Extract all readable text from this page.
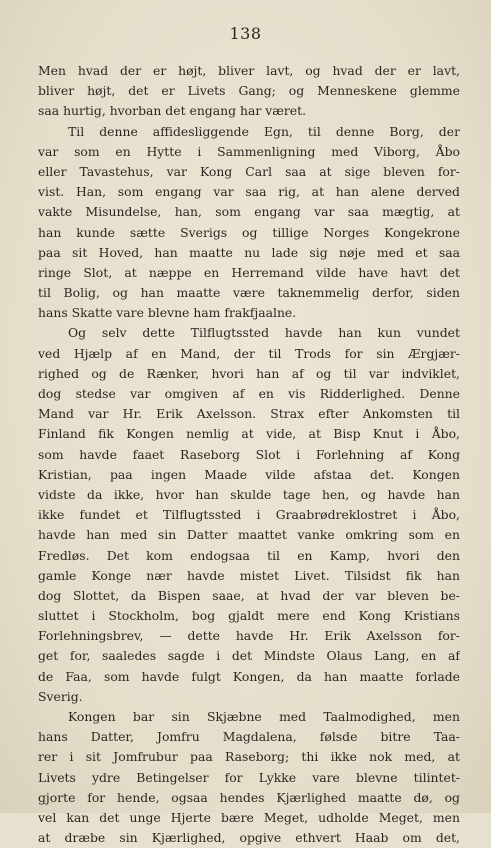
138
Men hvad der er højt, bliver lavt, og hvad der er lavt,
bliver højt, det er Livets Gang; og Menneskene glemme
saa hurtig, hvorban det engang har været.
Til denne affidesliggende Egn, til denne Borg, der
var som en Hytte i Sammenligning med Viborg, Åbo
eller Tavastehus, var Kong Carl saa at sige bleven for-
vist. Han, som engang var saa rig, at han alene derved
vakte Misundelse, han, som engang var saa mægtig, at
han kunde sætte Sverigs og tillige Norges Kongekrone
paa sit Hoved, han maatte nu lade sig nøje med et saa
ringe Slot, at næppe en Herremand vilde have havt det
til Bolig, og han maatte være taknemmelig derfor, siden
hans Skatte vare blevne ham frakfjaalne.
Og selv dette Tilflugtssted havde han kun vundet
ved Hjælp af en Mand, der til Trods for sin Ærgjær-
righed og de Rænker, hvori han af og til var indviklet,
dog stedse var omgiven af en vis Ridderlighed. Denne
Mand var Hr. Erik Axelsson. Strax efter Ankomsten til
Finland fik Kongen nemlig at vide, at Bisp Knut i Åbo,
som havde faaet Raseborg Slot i Forlehning af Kong
Kristian, paa ingen Maade vilde afstaa det. Kongen
vidste da ikke, hvor han skulde tage hen, og havde han
ikke fundet et Tilflugtssted i Graabrødreklostret i Åbo,
havde han med sin Datter maattet vanke omkring som en
Fredløs. Det kom endogsaa til en Kamp, hvori den
gamle Konge nær havde mistet Livet. Tilsidst fik han
dog Slottet, da Bispen saae, at hvad der var bleven be-
sluttet i Stockholm, bog gjaldt mere end Kong Kristians
Forlehningsbrev, — dette havde Hr. Erik Axelsson for-
get for, saaledes sagde i det Mindste Olaus Lang, en af
de Faa, som havde fulgt Kongen, da han maatte forlade
Sverig.
Kongen bar sin Skjæbne med Taalmodighed, men
hans Datter, Jomfru Magdalena, følsde bitre Taa-
rer i sit Jomfrubur paa Raseborg; thi ikke nok med, at
Livets ydre Betingelser for Lykke vare blevne tilintet-
gjorte for hende, ogsaa hendes Kjærlighed maatte dø, og
vel kan det unge Hjerte bære Meget, udholde Meget, men
at dræbe sin Kjærlighed, opgive ethvert Haab om det,
